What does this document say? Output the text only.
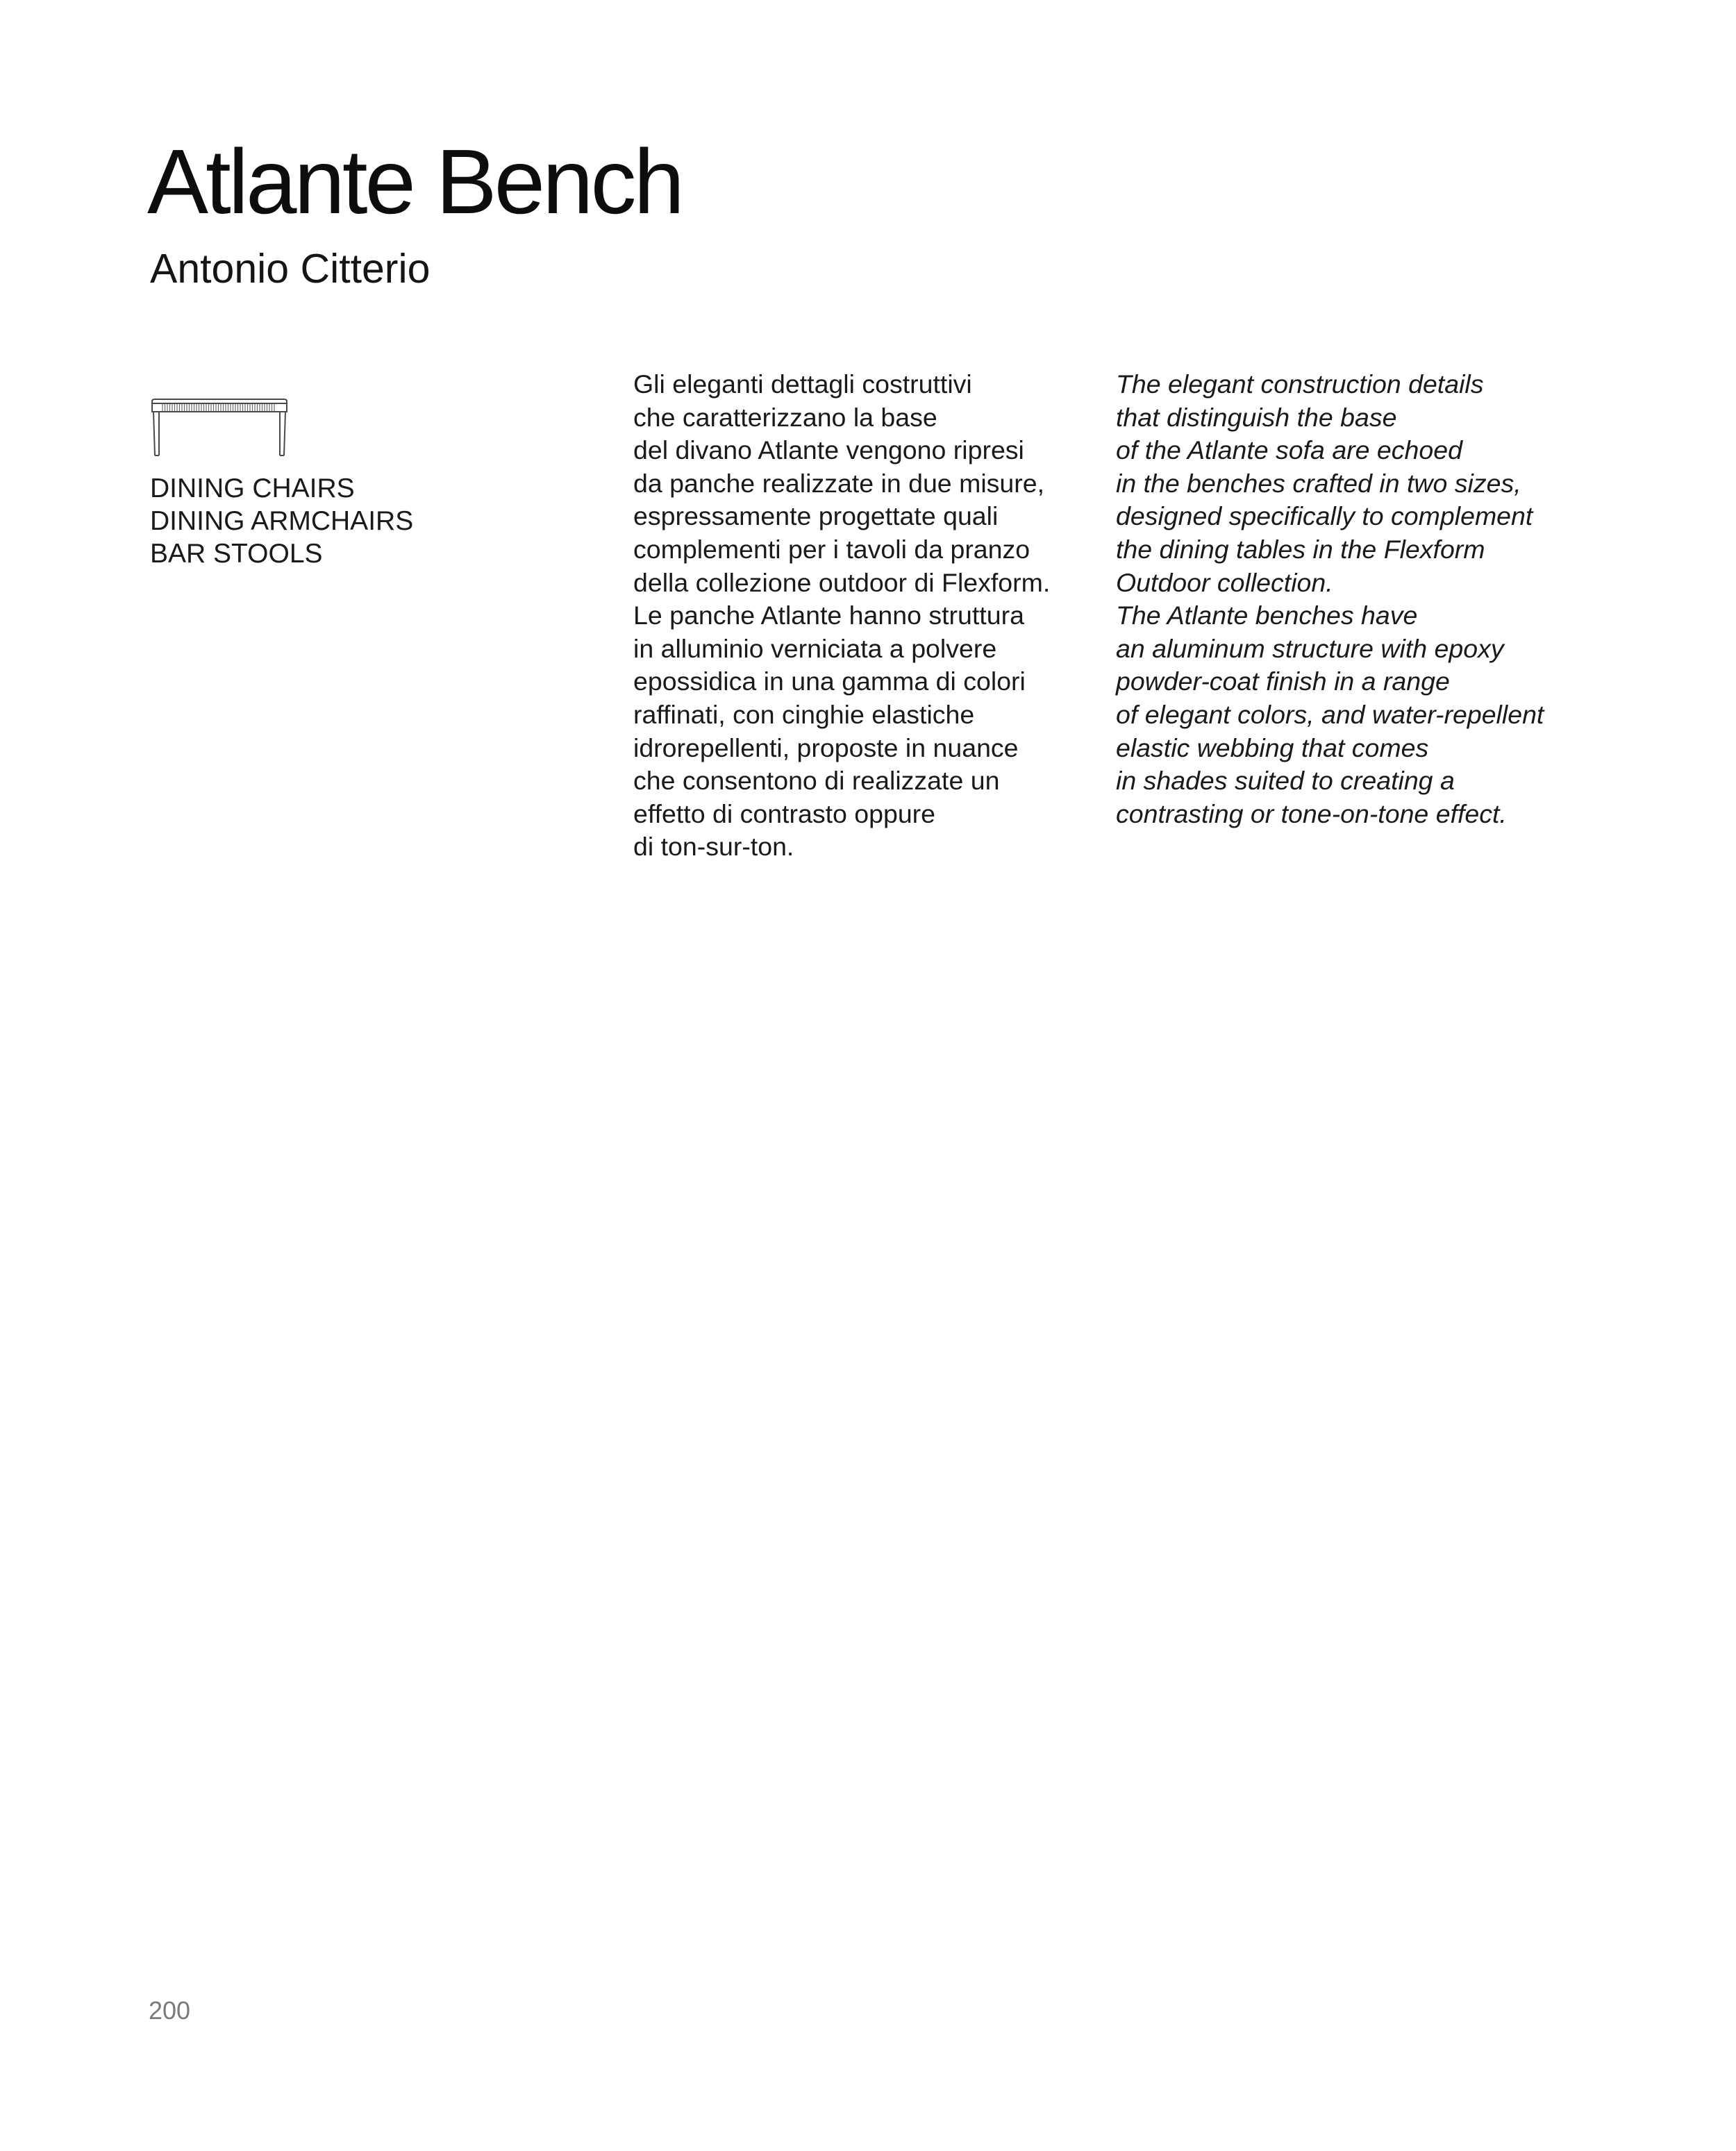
Atlante Bench
Antonio Citterio
DINING CHAIRS
DINING ARMCHAIRS
BAR STOOLS
Gli eleganti dettagli costruttivi
che caratterizzano la base
del divano Atlante vengono ripresi
da panche realizzate in due misure,
espressamente progettate quali
complementi per i tavoli da pranzo
della collezione outdoor di Flexform.
Le panche Atlante hanno struttura
in alluminio verniciata a polvere
epossidica in una gamma di colori
raffinati, con cinghie elastiche
idrorepellenti, proposte in nuance
che consentono di realizzate un
effetto di contrasto oppure
di ton-sur-ton.
The elegant construction details
that distinguish the base
of the Atlante sofa are echoed
in the benches crafted in two sizes,
designed specifically to complement
the dining tables in the Flexform
Outdoor collection.
The Atlante benches have
an aluminum structure with epoxy
powder-coat finish in a range
of elegant colors, and water-repellent
elastic webbing that comes
in shades suited to creating a
contrasting or tone-on-tone effect.
200
